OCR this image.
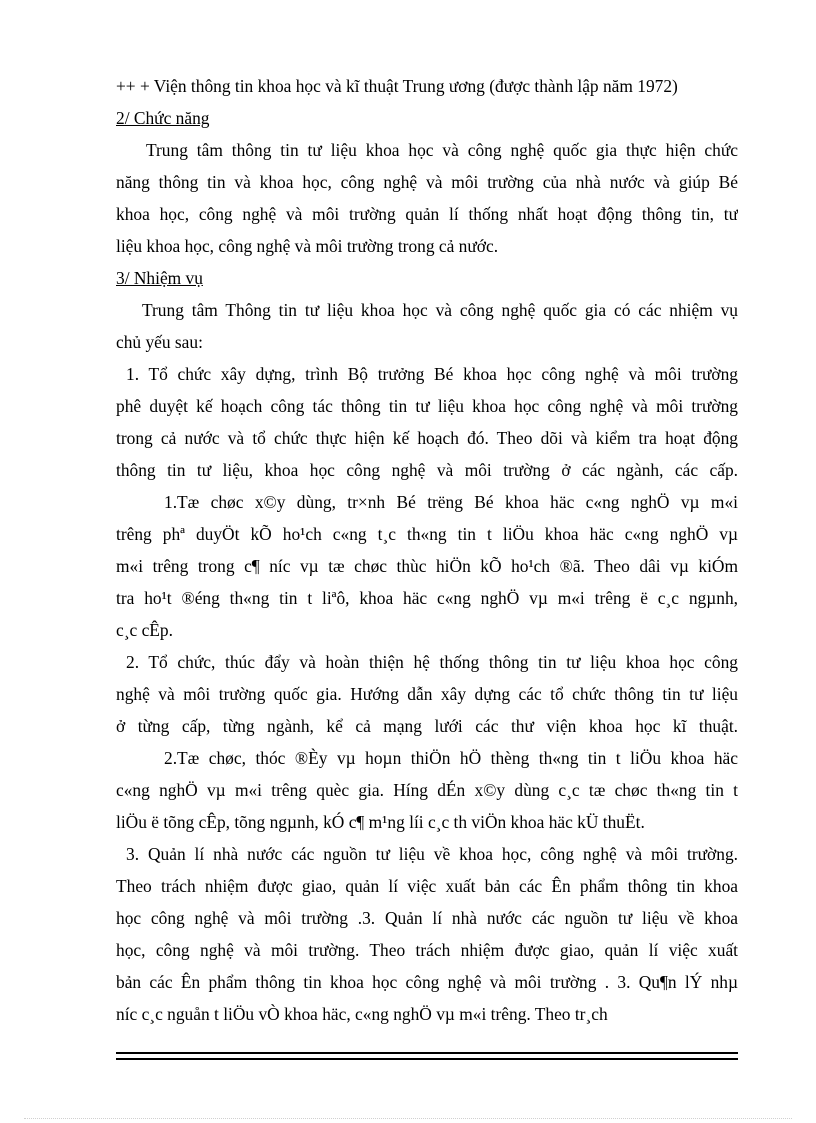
++ + Viện thông tin khoa học và kĩ thuật Trung ương (được thành lập năm 1972)
2/ Chức năng
Trung tâm thông tin tư liệu khoa học và công nghệ quốc gia thực hiện chức
năng thông tin và khoa học, công nghệ và môi trường của nhà nước và giúp Bé
khoa học, công nghệ và môi trường quản lí thống nhất hoạt động thông tin, tư
liệu khoa học, công nghệ và môi trường trong cả nước.
3/ Nhiệm vụ
Trung tâm Thông tin tư liệu khoa học và công nghệ quốc gia có các nhiệm vụ
chủ yếu sau:
1. Tổ chức xây dựng, trình Bộ trưởng Bé khoa học công nghệ và môi trường
phê duyệt kế hoạch công tác thông tin tư liệu khoa học công nghệ và môi trường
trong cả nước và tổ chức thực hiện kế hoạch đó. Theo dõi và kiểm tra hoạt động
thông tin tư liệu, khoa học công nghệ và môi trường ở các ngành, các cấp.
1.Tæ chøc x©y dùng, tr×nh Bé trëng Bé khoa häc c«ng nghÖ vµ m«i
trêng phª duyÖt kÕ ho¹ch c«ng t¸c th«ng tin t liÖu khoa häc c«ng nghÖ vµ
m«i trêng trong c¶ níc vµ tæ chøc thùc hiÖn kÕ ho¹ch ®ã. Theo dâi vµ kiÓm
tra ho¹t ®éng th«ng tin t liªô, khoa häc c«ng nghÖ vµ m«i trêng ë c¸c ngµnh,
c¸c cÊp.
2. Tổ chức, thúc đẩy và hoàn thiện hệ thống thông tin tư liệu khoa học công
nghệ và môi trường quốc gia. Hướng dẫn xây dựng các tổ chức thông tin tư liệu
ở từng cấp, từng ngành, kể cả mạng lưới các thư viện khoa học kĩ thuật.
2.Tæ chøc, thóc ®Èy vµ hoµn thiÖn hÖ thèng th«ng tin t liÖu khoa häc
c«ng nghÖ vµ m«i trêng quèc gia. Híng dÉn x©y dùng c¸c tæ chøc th«ng tin t
liÖu ë tõng cÊp, tõng ngµnh, kÓ c¶ m¹ng líi c¸c th viÖn khoa häc kÜ thuËt.
3. Quản lí nhà nước các nguồn tư liệu về khoa học, công nghệ và môi trường.
Theo trách nhiệm được giao, quản lí việc xuất bản các Ên phẩm thông tin khoa
học công nghệ và môi trường .3. Quản lí nhà nước các nguồn tư liệu về khoa
học, công nghệ và môi trường. Theo trách nhiệm được giao, quản lí việc xuất
bản các Ên phẩm thông tin khoa học công nghệ và môi trường . 3. Qu¶n lÝ nhµ
níc c¸c nguån t liÖu vÒ khoa häc, c«ng nghÖ vµ m«i trêng. Theo tr¸ch
